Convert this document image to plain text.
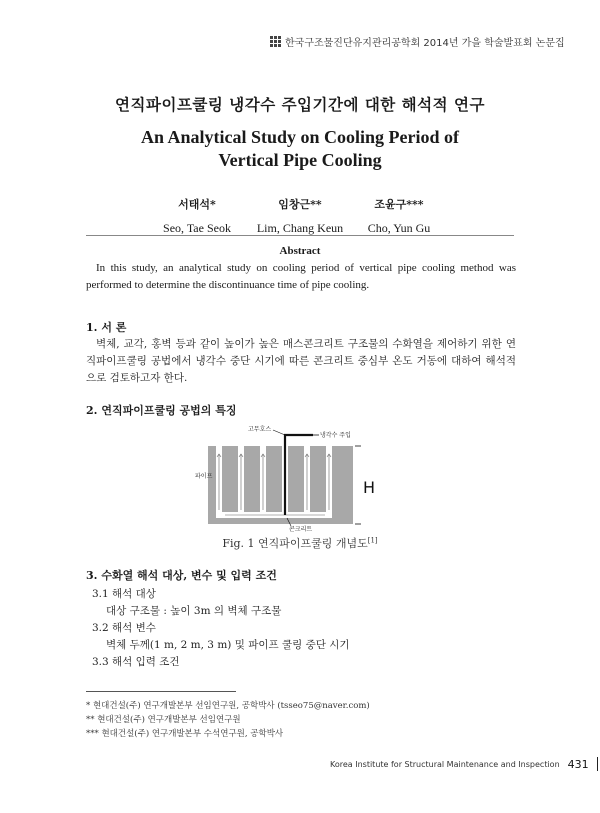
한국구조물진단유지관리공학회 2014년 가을 학술발표회 논문집
연직파이프쿨링 냉각수 주입기간에 대한 해석적 연구
An Analytical Study on Cooling Period of
Vertical Pipe Cooling
서태석*
Seo, Tae Seok
임창근**
Lim, Chang Keun
조윤구***
Cho, Yun Gu
Abstract
In this study, an analytical study on cooling period of vertical pipe cooling method was performed to determine the discontinuance time of pipe cooling.
1. 서 론
벽체, 교각, 홍벽 등과 같이 높이가 높은 매스콘크리트 구조물의 수화열을 제어하기 위한 연직파이프쿨링 공법에서 냉각수 중단 시기에 따른 콘크리트 중심부 온도 거동에 대하여 해석적으로 검토하고자 한다.
2. 연직파이프쿨링 공법의 특징
고무호스
냉각수 주입
파이프
콘크리트
H
Fig. 1 연직파이프쿨링 개념도[1]
3. 수화열 해석 대상, 변수 및 입력 조건
3.1 해석 대상
대상 구조물 : 높이 3m 의 벽체 구조물
3.2 해석 변수
벽체 두께(1 m, 2 m, 3 m) 및 파이프 쿨링 중단 시기
3.3 해석 입력 조건
* 현대건설(주) 연구개발본부 선임연구원, 공학박사 (tsseo75@naver.com)
** 현대건설(주) 연구개발본부 선임연구원
*** 현대건설(주) 연구개발본부 수석연구원, 공학박사
Korea Institute for Structural Maintenance and Inspection 431
